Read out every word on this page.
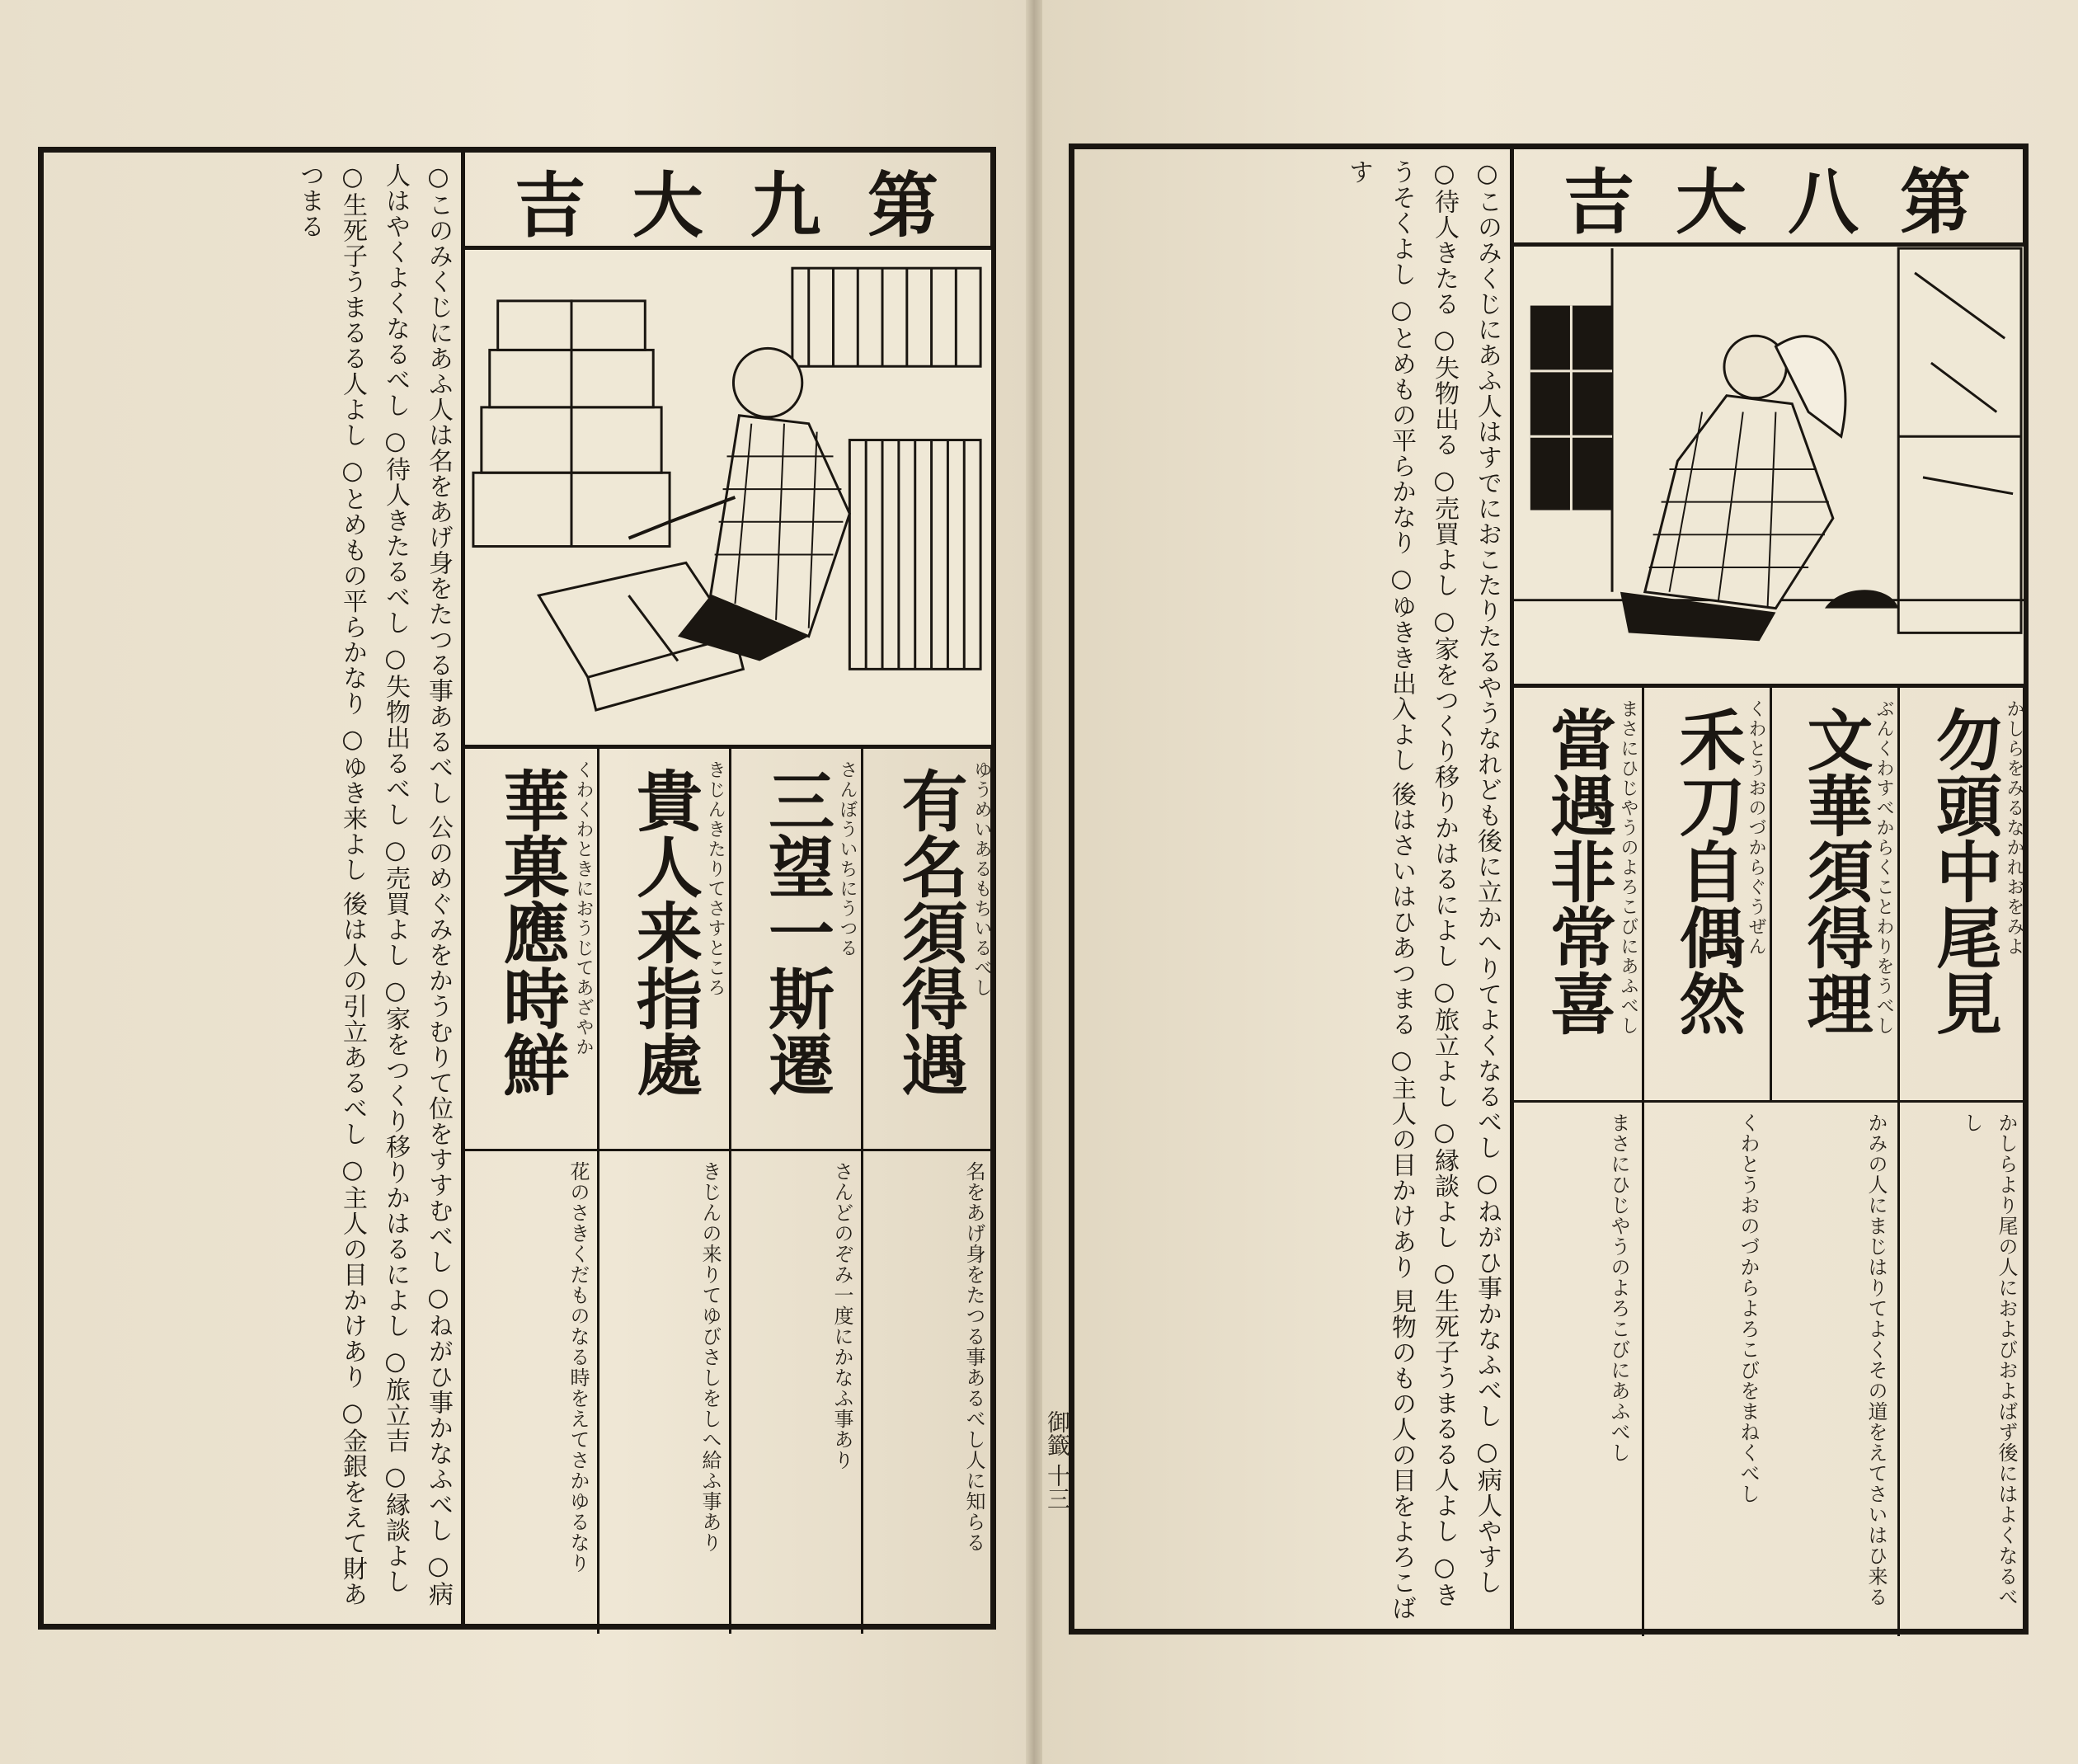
第
九
大
吉
有名須得遇 ゆうめいあるもちいるべし
三望一斯遷 さんぼういちにうつる
貴人来指處 きじんきたりてさすところ
華菓應時鮮 くわくわときにおうじてあざやか
名をあげ身をたつる事あるべし人に知らる
さんどのぞみ一度にかなふ事あり
きじんの来りてゆびさしをしへ給ふ事あり
花のさきくだものなる時をえてさかゆるなり
○このみくじにあふ人は名をあげ身をたつる事あるべし 公のめぐみをかうむりて位をすすむべし ○ねがひ事かなふべし ○病人はやくよくなるべし ○待人きたるべし ○失物出るべし ○売買よし ○家をつくり移りかはるによし ○旅立吉 ○縁談よし ○生死子うまるる人よし ○とめもの平らかなり ○ゆき来よし 後は人の引立あるべし ○主人の目かけあり ○金銀をえて財あつまる	第
八
大
吉
勿頭中尾見 かしらをみるなかれおをみよ
文華須得理 ぶんくわすべからくことわりをうべし
禾刀自偶然 くわとうおのづからぐうぜん
當遇非常喜 まさにひじやうのよろこびにあふべし
かしらより尾の人におよびおよばず後にはよくなるべし
かみの人にまじはりてよくその道をえてさいはひ来る
くわとうおのづからよろこびをまねくべし
まさにひじやうのよろこびにあふべし
○このみくじにあふ人はすでにおこたりたるやうなれども後に立かへりてよくなるべし ○ねがひ事かなふべし ○病人やすし ○待人きたる ○失物出る ○売買よし ○家をつくり移りかはるによし ○旅立よし ○縁談よし ○生死子うまるる人よし ○きうそくよし ○とめもの平らかなり ○ゆきき出入よし 後はさいはひあつまる ○主人の目かけあり 見物のもの人の目をよろこばす
御籤 十三
